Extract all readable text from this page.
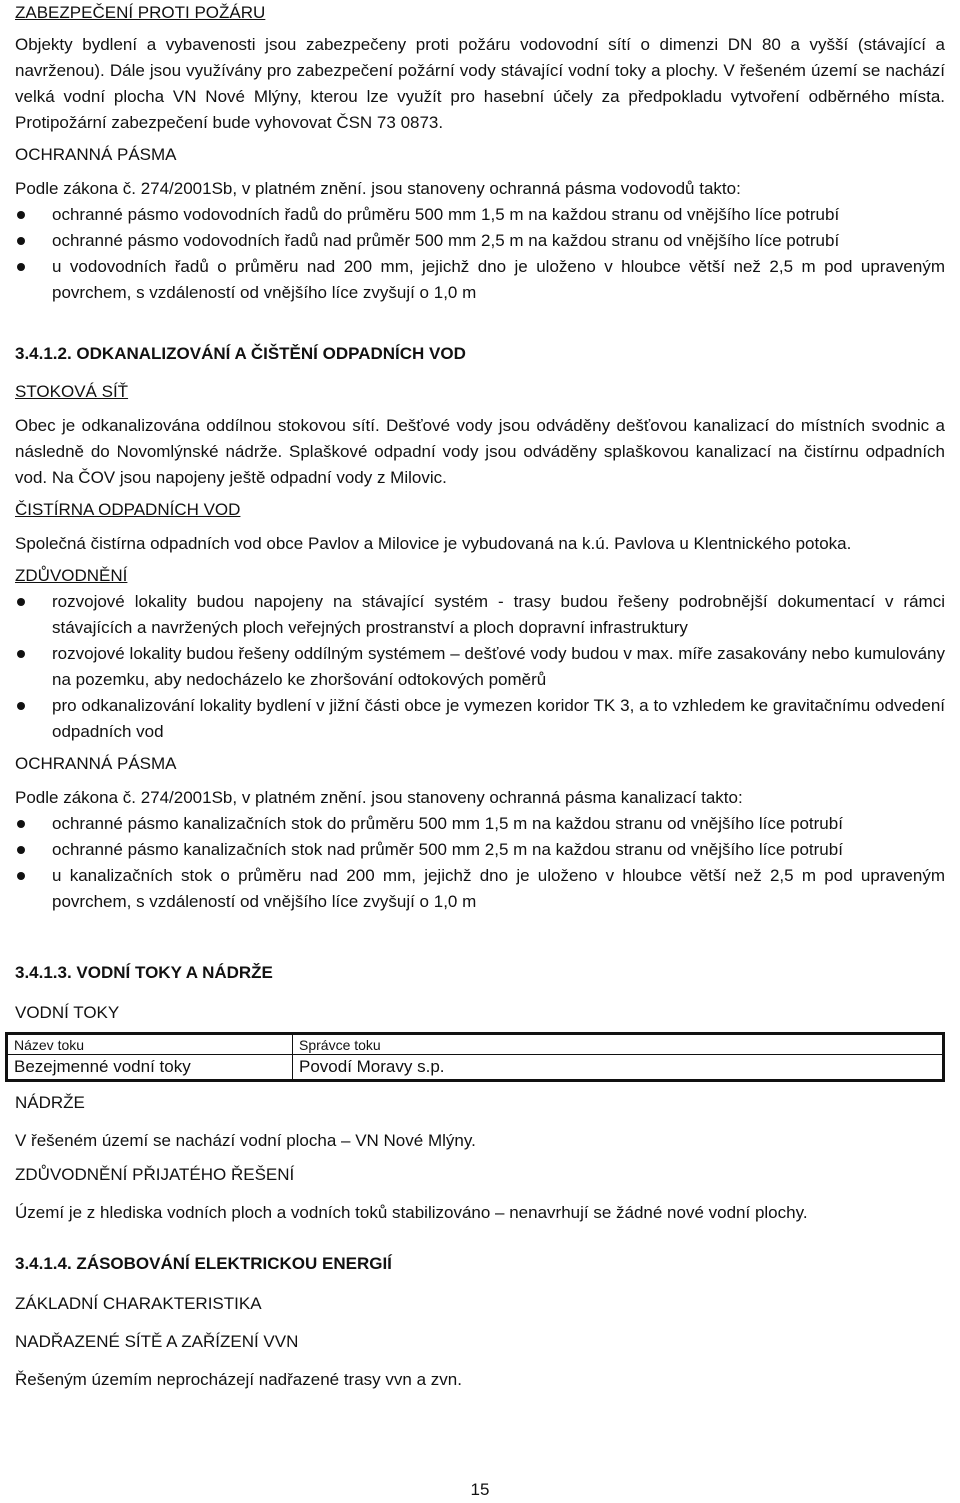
ZABEZPEČENÍ PROTI POŽÁRU

Objekty bydlení a vybavenosti jsou zabezpečeny proti požáru vodovodní sítí o dimenzi DN 80 a vyšší (stávající a navrženou). Dále jsou využívány pro zabezpečení požární vody stávající vodní toky a plochy. V řešeném území se nachází velká vodní plocha VN Nové Mlýny, kterou lze využít pro hasební účely za předpokladu vytvoření odběrného místa. Protipožární zabezpečení bude vyhovovat ČSN 73 0873.

OCHRANNÁ PÁSMA

Podle zákona č. 274/2001Sb, v platném znění. jsou stanoveny ochranná pásma vodovodů takto:

ochranné pásmo vodovodních řadů do průměru 500 mm 1,5 m na každou stranu od vnějšího líce potrubí
ochranné pásmo vodovodních řadů nad průměr 500 mm 2,5 m na každou stranu od vnějšího líce potrubí
u vodovodních řadů o průměru nad 200 mm, jejichž dno je uloženo v hloubce větší než 2,5 m pod upraveným povrchem, s vzdáleností od vnějšího líce zvyšují o 1,0 m

3.4.1.2. ODKANALIZOVÁNÍ A ČIŠTĚNÍ ODPADNÍCH VOD

STOKOVÁ SÍŤ

Obec je odkanalizována oddílnou stokovou sítí. Dešťové vody jsou odváděny dešťovou kanalizací do místních svodnic a následně do Novomlýnské nádrže. Splaškové odpadní vody jsou odváděny splaškovou kanalizací na čistírnu odpadních vod. Na ČOV jsou napojeny ještě odpadní vody z Milovic.

ČISTÍRNA ODPADNÍCH VOD

Společná čistírna odpadních vod obce Pavlov a Milovice je vybudovaná na k.ú. Pavlova u Klentnického potoka.

ZDŮVODNĚNÍ

rozvojové lokality budou napojeny na stávající systém - trasy budou řešeny podrobnější dokumentací v rámci stávajících a navržených ploch veřejných prostranství a ploch dopravní infrastruktury
rozvojové lokality budou řešeny oddílným systémem – dešťové vody budou v max. míře zasakovány nebo kumulovány na pozemku, aby nedocházelo ke zhoršování odtokových poměrů
pro odkanalizování lokality bydlení v jižní části obce je vymezen koridor TK 3, a to vzhledem ke gravitačnímu odvedení odpadních vod

OCHRANNÁ PÁSMA

Podle zákona č. 274/2001Sb, v platném znění. jsou stanoveny ochranná pásma kanalizací takto:

ochranné pásmo kanalizačních stok do průměru 500 mm 1,5 m na každou stranu od vnějšího líce potrubí
ochranné pásmo kanalizačních stok nad průměr 500 mm 2,5 m na každou stranu od vnějšího líce potrubí
u kanalizačních stok o průměru nad 200 mm, jejichž dno je uloženo v hloubce větší než 2,5 m pod upraveným povrchem, s vzdáleností od vnějšího líce zvyšují o 1,0 m

3.4.1.3. VODNÍ TOKY A NÁDRŽE

VODNÍ TOKY

Název toku	Správce toku
Bezejmenné vodní toky	Povodí Moravy s.p.

NÁDRŽE

V řešeném území se nachází vodní plocha – VN Nové Mlýny.

ZDŮVODNĚNÍ PŘIJATÉHO ŘEŠENÍ

Území je z hlediska vodních ploch a vodních toků stabilizováno – nenavrhují se žádné nové vodní plochy.

3.4.1.4. ZÁSOBOVÁNÍ ELEKTRICKOU ENERGIÍ

ZÁKLADNÍ CHARAKTERISTIKA

NADŘAZENÉ SÍTĚ A ZAŘÍZENÍ VVN

Řešeným územím neprocházejí nadřazené trasy vvn a zvn.

15
